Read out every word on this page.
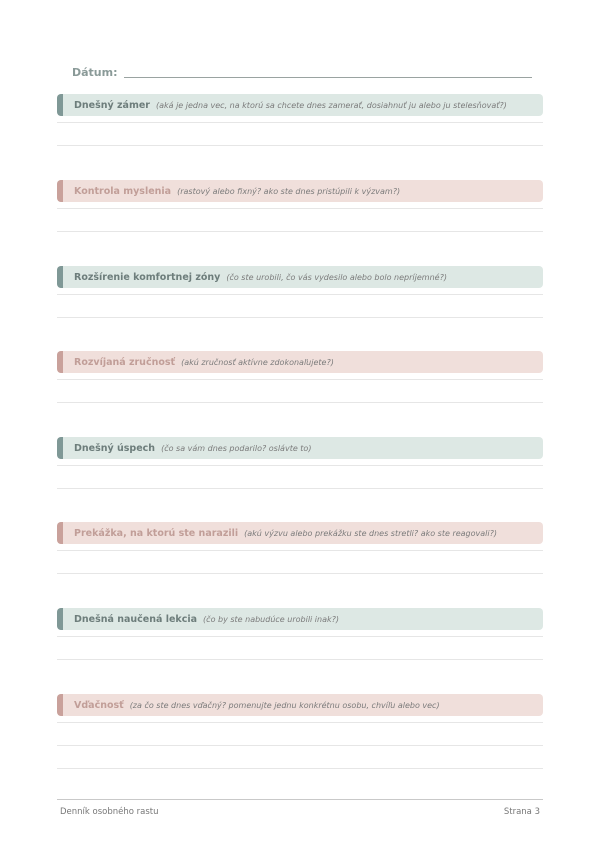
Dátum:
Dnešný zámer (aká je jedna vec, na ktorú sa chcete dnes zamerať, dosiahnuť ju alebo ju stelesňovať?)
Kontrola myslenia (rastový alebo fixný? ako ste dnes pristúpili k výzvam?)
Rozšírenie komfortnej zóny (čo ste urobili, čo vás vydesilo alebo bolo nepríjemné?)
Rozvíjaná zručnosť (akú zručnosť aktívne zdokonaľujete?)
Dnešný úspech (čo sa vám dnes podarilo? oslávte to)
Prekážka, na ktorú ste narazili (akú výzvu alebo prekážku ste dnes stretli? ako ste reagovali?)
Dnešná naučená lekcia (čo by ste nabudúce urobili inak?)
Vďačnosť (za čo ste dnes vďačný? pomenujte jednu konkrétnu osobu, chvíľu alebo vec)
Denník osobného rastu	Strana 3
